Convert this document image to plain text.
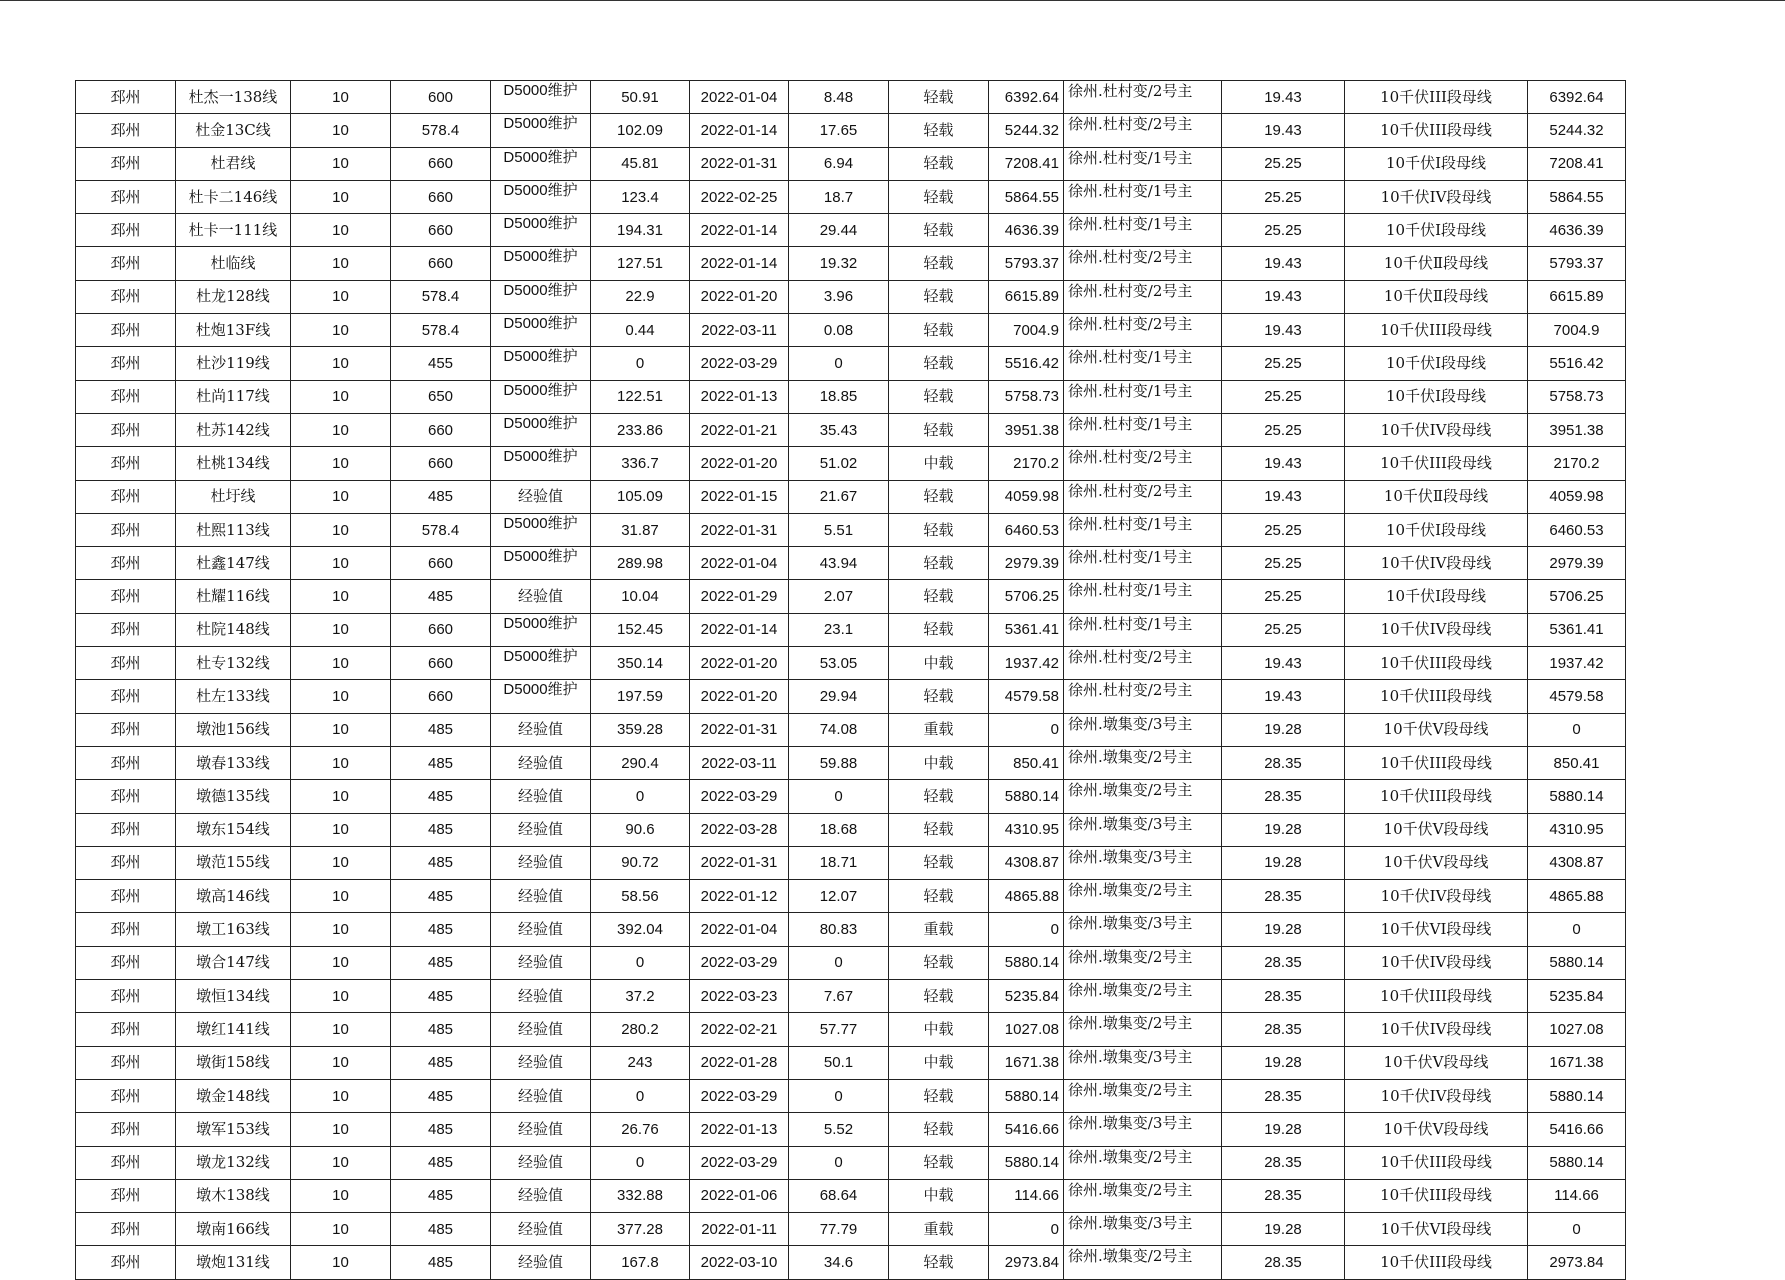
邳州	杜杰一138线	10	600	D5000维护	50.91	2022-01-04	8.48	轻载	6392.64	徐州.杜村变/2号主	19.43	10千伏III段母线	6392.64
邳州	杜金13C线	10	578.4	D5000维护	102.09	2022-01-14	17.65	轻载	5244.32	徐州.杜村变/2号主	19.43	10千伏III段母线	5244.32
邳州	杜君线	10	660	D5000维护	45.81	2022-01-31	6.94	轻载	7208.41	徐州.杜村变/1号主	25.25	10千伏Ⅰ段母线	7208.41
邳州	杜卡二146线	10	660	D5000维护	123.4	2022-02-25	18.7	轻载	5864.55	徐州.杜村变/1号主	25.25	10千伏IV段母线	5864.55
邳州	杜卡一111线	10	660	D5000维护	194.31	2022-01-14	29.44	轻载	4636.39	徐州.杜村变/1号主	25.25	10千伏Ⅰ段母线	4636.39
邳州	杜临线	10	660	D5000维护	127.51	2022-01-14	19.32	轻载	5793.37	徐州.杜村变/2号主	19.43	10千伏Ⅱ段母线	5793.37
邳州	杜龙128线	10	578.4	D5000维护	22.9	2022-01-20	3.96	轻载	6615.89	徐州.杜村变/2号主	19.43	10千伏Ⅱ段母线	6615.89
邳州	杜炮13F线	10	578.4	D5000维护	0.44	2022-03-11	0.08	轻载	7004.9	徐州.杜村变/2号主	19.43	10千伏III段母线	7004.9
邳州	杜沙119线	10	455	D5000维护	0	2022-03-29	0	轻载	5516.42	徐州.杜村变/1号主	25.25	10千伏Ⅰ段母线	5516.42
邳州	杜尚117线	10	650	D5000维护	122.51	2022-01-13	18.85	轻载	5758.73	徐州.杜村变/1号主	25.25	10千伏Ⅰ段母线	5758.73
邳州	杜苏142线	10	660	D5000维护	233.86	2022-01-21	35.43	轻载	3951.38	徐州.杜村变/1号主	25.25	10千伏IV段母线	3951.38
邳州	杜桃134线	10	660	D5000维护	336.7	2022-01-20	51.02	中载	2170.2	徐州.杜村变/2号主	19.43	10千伏III段母线	2170.2
邳州	杜圩线	10	485	经验值	105.09	2022-01-15	21.67	轻载	4059.98	徐州.杜村变/2号主	19.43	10千伏Ⅱ段母线	4059.98
邳州	杜熙113线	10	578.4	D5000维护	31.87	2022-01-31	5.51	轻载	6460.53	徐州.杜村变/1号主	25.25	10千伏Ⅰ段母线	6460.53
邳州	杜鑫147线	10	660	D5000维护	289.98	2022-01-04	43.94	轻载	2979.39	徐州.杜村变/1号主	25.25	10千伏IV段母线	2979.39
邳州	杜耀116线	10	485	经验值	10.04	2022-01-29	2.07	轻载	5706.25	徐州.杜村变/1号主	25.25	10千伏Ⅰ段母线	5706.25
邳州	杜院148线	10	660	D5000维护	152.45	2022-01-14	23.1	轻载	5361.41	徐州.杜村变/1号主	25.25	10千伏IV段母线	5361.41
邳州	杜专132线	10	660	D5000维护	350.14	2022-01-20	53.05	中载	1937.42	徐州.杜村变/2号主	19.43	10千伏III段母线	1937.42
邳州	杜左133线	10	660	D5000维护	197.59	2022-01-20	29.94	轻载	4579.58	徐州.杜村变/2号主	19.43	10千伏III段母线	4579.58
邳州	墩池156线	10	485	经验值	359.28	2022-01-31	74.08	重载	0	徐州.墩集变/3号主	19.28	10千伏Ⅴ段母线	0
邳州	墩春133线	10	485	经验值	290.4	2022-03-11	59.88	中载	850.41	徐州.墩集变/2号主	28.35	10千伏III段母线	850.41
邳州	墩德135线	10	485	经验值	0	2022-03-29	0	轻载	5880.14	徐州.墩集变/2号主	28.35	10千伏III段母线	5880.14
邳州	墩东154线	10	485	经验值	90.6	2022-03-28	18.68	轻载	4310.95	徐州.墩集变/3号主	19.28	10千伏Ⅴ段母线	4310.95
邳州	墩范155线	10	485	经验值	90.72	2022-01-31	18.71	轻载	4308.87	徐州.墩集变/3号主	19.28	10千伏Ⅴ段母线	4308.87
邳州	墩高146线	10	485	经验值	58.56	2022-01-12	12.07	轻载	4865.88	徐州.墩集变/2号主	28.35	10千伏IV段母线	4865.88
邳州	墩工163线	10	485	经验值	392.04	2022-01-04	80.83	重载	0	徐州.墩集变/3号主	19.28	10千伏VI段母线	0
邳州	墩合147线	10	485	经验值	0	2022-03-29	0	轻载	5880.14	徐州.墩集变/2号主	28.35	10千伏IV段母线	5880.14
邳州	墩恒134线	10	485	经验值	37.2	2022-03-23	7.67	轻载	5235.84	徐州.墩集变/2号主	28.35	10千伏III段母线	5235.84
邳州	墩红141线	10	485	经验值	280.2	2022-02-21	57.77	中载	1027.08	徐州.墩集变/2号主	28.35	10千伏IV段母线	1027.08
邳州	墩街158线	10	485	经验值	243	2022-01-28	50.1	中载	1671.38	徐州.墩集变/3号主	19.28	10千伏Ⅴ段母线	1671.38
邳州	墩金148线	10	485	经验值	0	2022-03-29	0	轻载	5880.14	徐州.墩集变/2号主	28.35	10千伏IV段母线	5880.14
邳州	墩军153线	10	485	经验值	26.76	2022-01-13	5.52	轻载	5416.66	徐州.墩集变/3号主	19.28	10千伏Ⅴ段母线	5416.66
邳州	墩龙132线	10	485	经验值	0	2022-03-29	0	轻载	5880.14	徐州.墩集变/2号主	28.35	10千伏III段母线	5880.14
邳州	墩木138线	10	485	经验值	332.88	2022-01-06	68.64	中载	114.66	徐州.墩集变/2号主	28.35	10千伏III段母线	114.66
邳州	墩南166线	10	485	经验值	377.28	2022-01-11	77.79	重载	0	徐州.墩集变/3号主	19.28	10千伏VI段母线	0
邳州	墩炮131线	10	485	经验值	167.8	2022-03-10	34.6	轻载	2973.84	徐州.墩集变/2号主	28.35	10千伏III段母线	2973.84
